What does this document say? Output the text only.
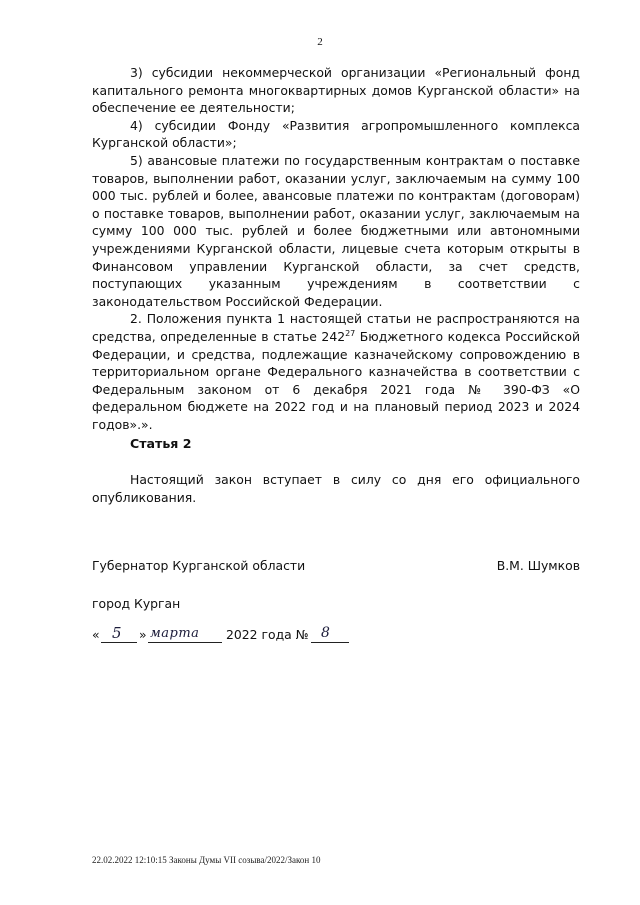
2

3) субсидии некоммерческой организации «Региональный фонд капитального ремонта многоквартирных домов Курганской области» на обеспечение ее деятельности;

4) субсидии Фонду «Развития агропромышленного комплекса Курганской области»;

5) авансовые платежи по государственным контрактам о поставке товаров, выполнении работ, оказании услуг, заключаемым на сумму 100 000 тыс. рублей и более, авансовые платежи по контрактам (договорам) о поставке товаров, выполнении работ, оказании услуг, заключаемым на сумму 100 000 тыс. рублей и более бюджетными или автономными учреждениями Курганской области, лицевые счета которым открыты в Финансовом управлении Курганской области, за счет средств, поступающих указанным учреждениям в соответствии с законодательством Российской Федерации.

2. Положения пункта 1 настоящей статьи не распространяются на средства, определенные в статье $242^{27}$ Бюджетного кодекса Российской Федерации, и средства, подлежащие казначейскому сопровождению в территориальном органе Федерального казначейства в соответствии с Федеральным законом от 6 декабря 2021 года № 390-ФЗ «О федеральном бюджете на 2022 год и на плановый период 2023 и 2024 годов».».

Статья 2

Настоящий закон вступает в силу со дня его официального опубликования.

Губернатор Курганской области	В.М. Шумков
город Курган
« 5 » марта 2022 года № 8
22.02.2022 12:10:15 Законы Думы VII созыва/2022/Закон 10
